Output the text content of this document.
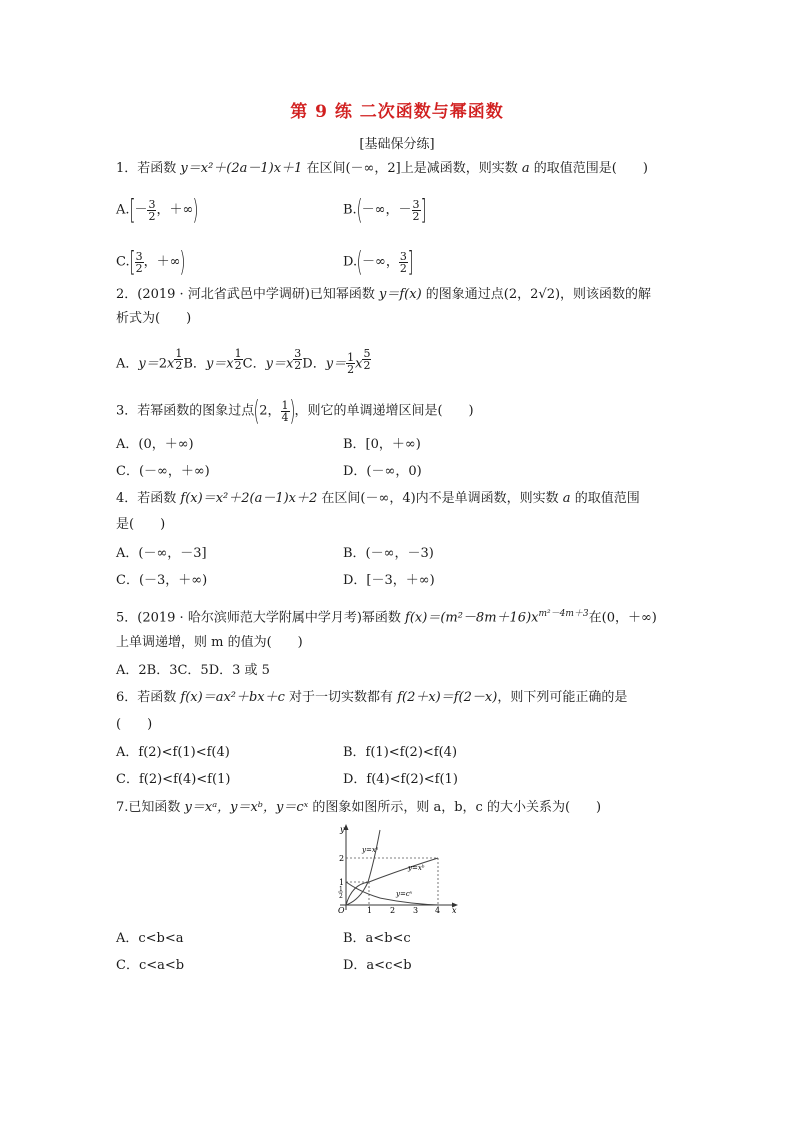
第 9 练 二次函数与幂函数
[基础保分练]
1．若函数 y＝x²＋(2a－1)x＋1 在区间(－∞，2]上是减函数，则实数 a 的取值范围是(　　)
$A.[- \frac{3}{2}$ ，＋∞)	B.(－∞，－ $\frac{3}{2}$ ]
$C.[ \frac{3}{2}$ ，＋∞)	D.(－∞， $\frac{3}{2}$ ]
2．(2019 · 河北省武邑中学调研)已知幂函数 y＝f(x) 的图象通过点(2，2√2)，则该函数的解
析式为(　　)
A．y＝2x $^{\frac{1}{2}}$ B．y＝x $^{\frac{1}{2}}$ C．y＝x $^{\frac{3}{2}}$ D．$y= \frac{1}{2}$ x $^{\frac{5}{2}}$
3．若幂函数的图象过点(2， $\frac{1}{4}$ )，则它的单调递增区间是(　　)
A．(0，＋∞)	B．[0，＋∞)
C．(－∞，＋∞)	D．(－∞，0)
4．若函数 f(x)＝x²＋2(a－1)x＋2 在区间(－∞，4)内不是单调函数，则实数 a 的取值范围
是(　　)
A．(－∞，－3]	B．(－∞，－3)
C．(－3，＋∞)	D．[－3，＋∞)
5．(2019 · 哈尔滨师范大学附属中学月考)幂函数 $f(x)=(m^2-8m+16)x^{m^2-4m+3}$在(0，＋∞)
上单调递增，则 m 的值为(　　)
A．2B．3C．5D．3 或 5
6．若函数 f(x)＝ax²＋bx＋c 对于一切实数都有 f(2＋x)＝f(2－x)，则下列可能正确的是
(　　)
A．f(2)<f(1)<f(4)	B．f(1)<f(2)<f(4)
C．f(2)<f(4)<f(1)	D．f(4)<f(2)<f(1)
7.已知函数 y＝xᵃ，y＝xᵇ，y＝cˣ 的图象如图所示，则 a，b，c 的大小关系为(　　)
y
x
O
y=xᵃ
y=xᵇ
y=cˣ
2
1
1
2
1 2 3 4
A．c<b<a	B．a<b<c
C．c<a<b	D．a<c<b
